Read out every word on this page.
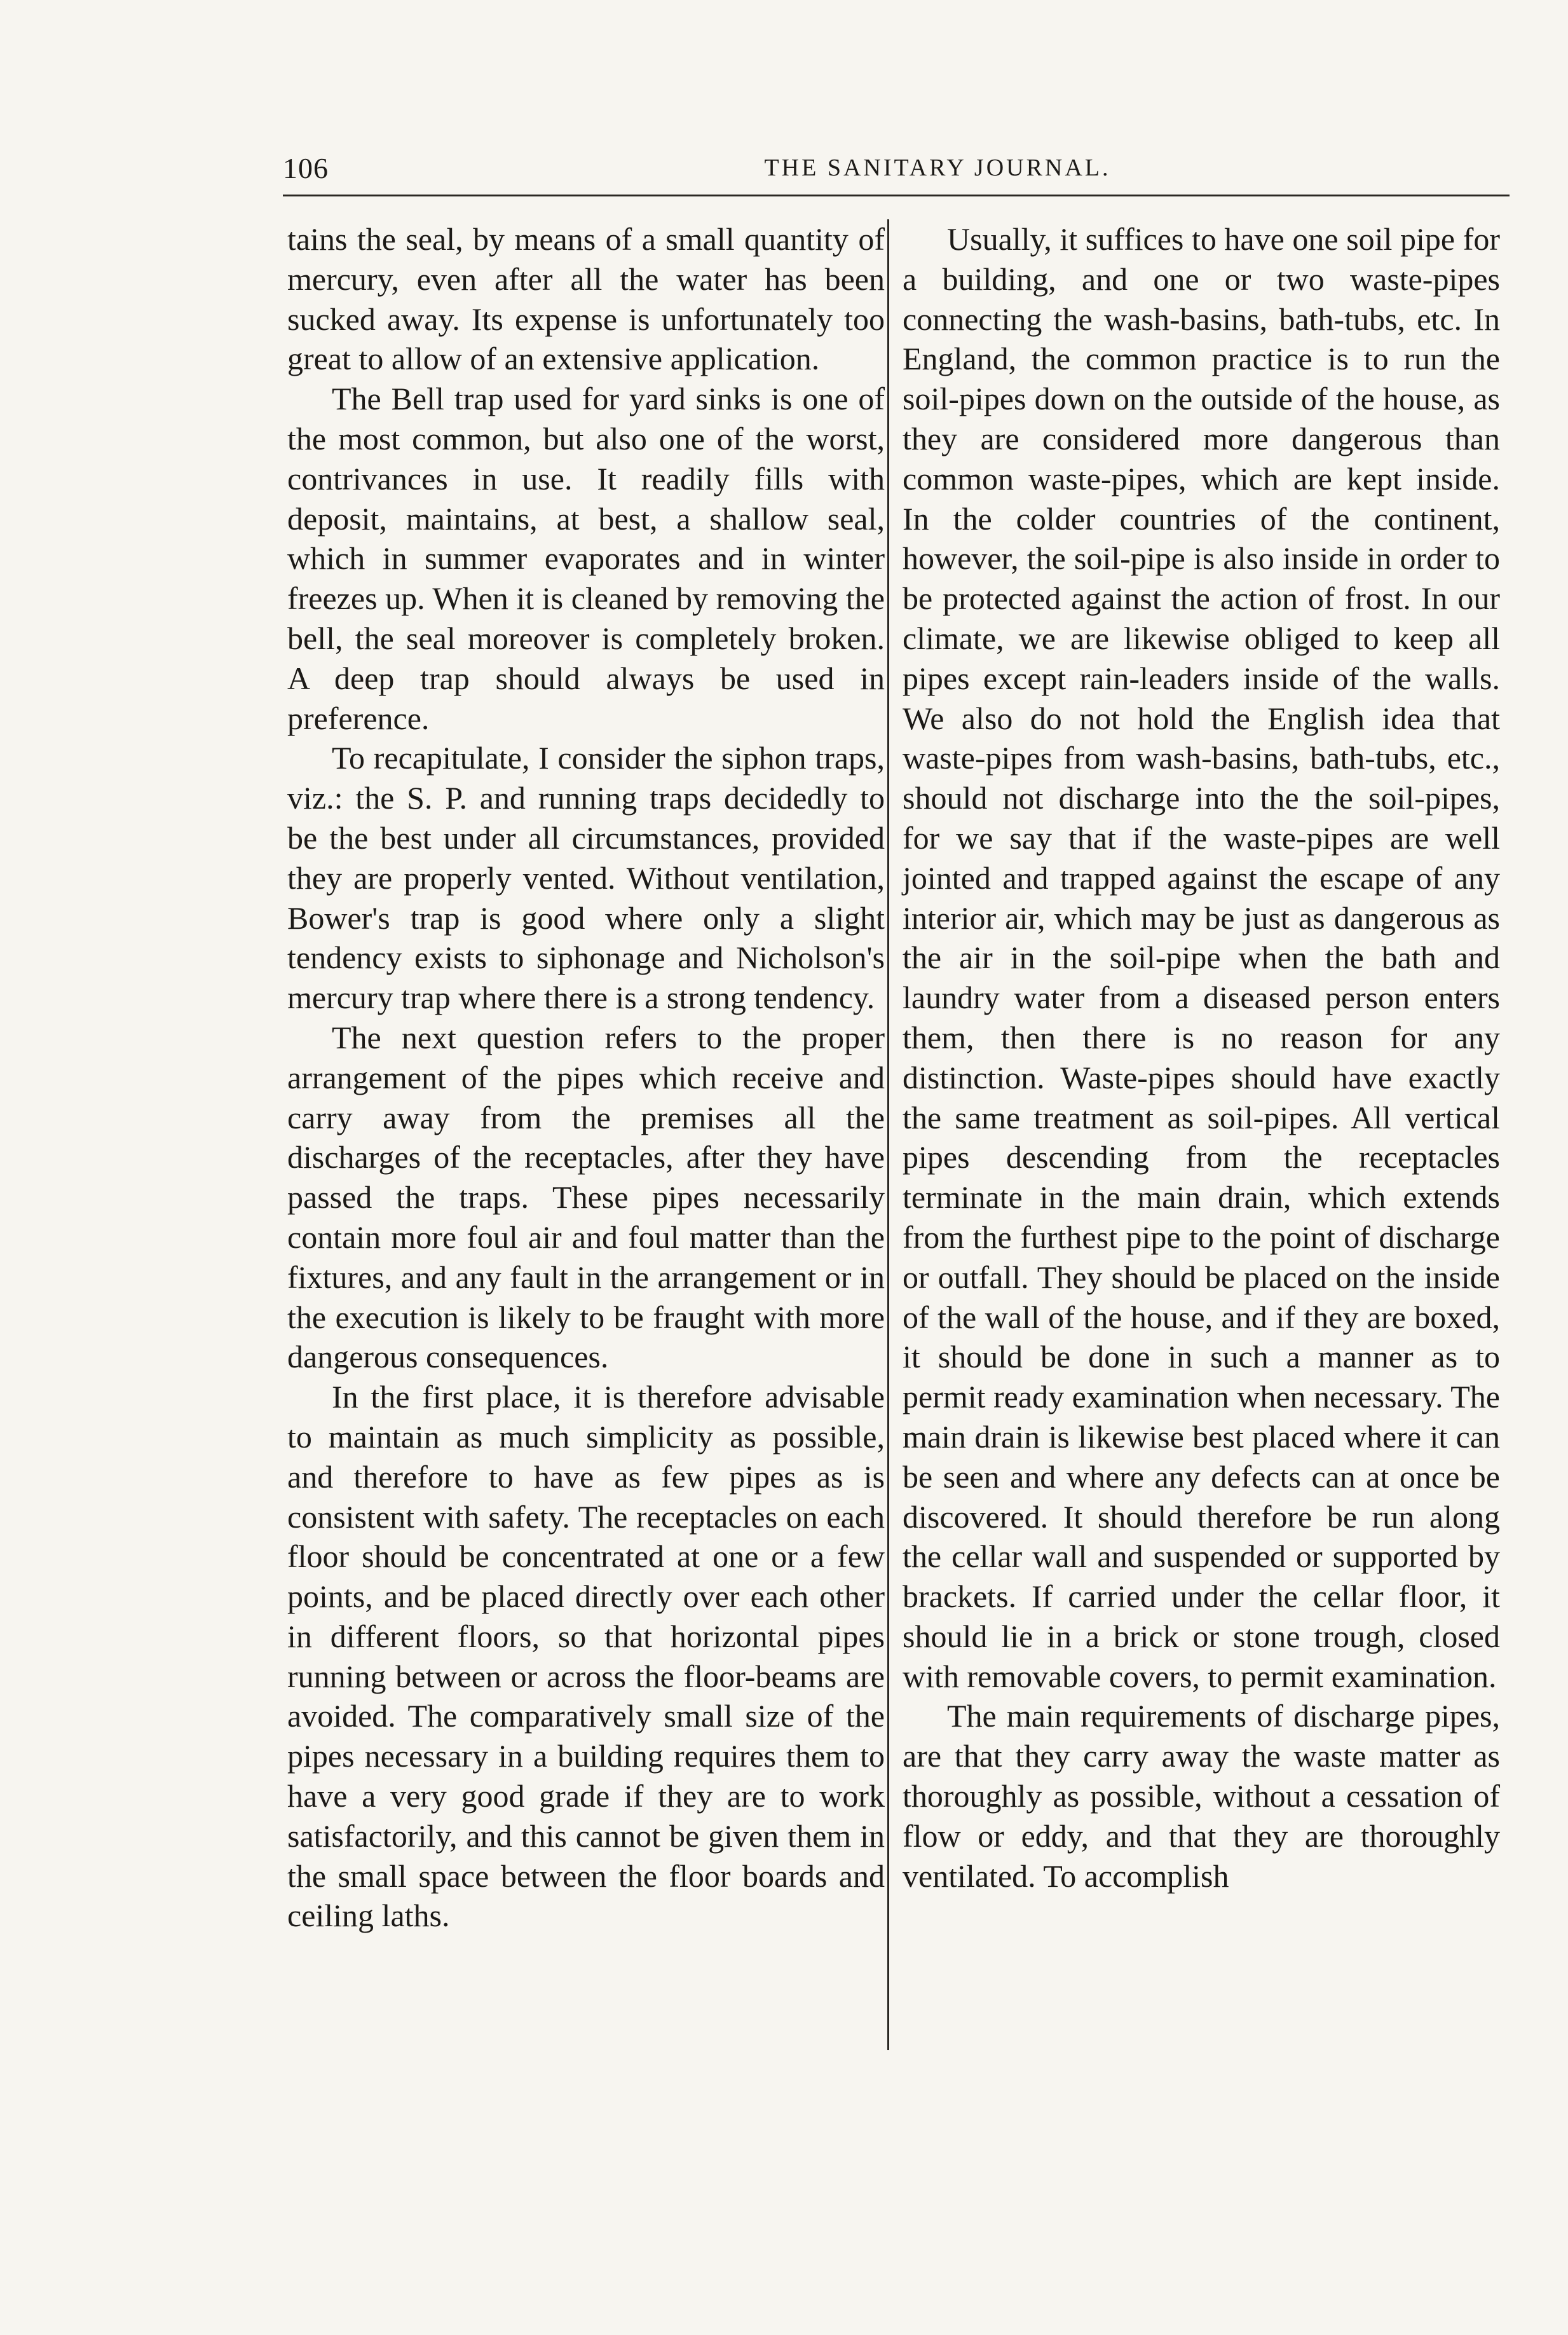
106	THE SANITARY JOURNAL.

tains the seal, by means of a small quantity of mercury, even after all the water has been sucked away. Its expense is unfortunately too great to allow of an extensive application.

The Bell trap used for yard sinks is one of the most common, but also one of the worst, contrivances in use. It readily fills with deposit, maintains, at best, a shallow seal, which in summer evaporates and in winter freezes up. When it is cleaned by removing the bell, the seal moreover is completely broken. A deep trap should always be used in preference.

To recapitulate, I consider the siphon traps, viz.: the S. P. and running traps decidedly to be the best under all circumstances, provided they are properly vented. Without ventilation, Bower's trap is good where only a slight tendency exists to siphonage and Nicholson's mercury trap where there is a strong tendency.

The next question refers to the proper arrangement of the pipes which receive and carry away from the premises all the discharges of the receptacles, after they have passed the traps. These pipes necessarily contain more foul air and foul matter than the fixtures, and any fault in the arrangement or in the execution is likely to be fraught with more dangerous consequences.

In the first place, it is therefore advisable to maintain as much simplicity as possible, and therefore to have as few pipes as is consistent with safety. The receptacles on each floor should be concentrated at one or a few points, and be placed directly over each other in different floors, so that horizontal pipes running between or across the floor-beams are avoided. The comparatively small size of the pipes necessary in a building requires them to have a very good grade if they are to work satisfactorily, and this cannot be given them in the small space between the floor boards and ceiling laths.

Usually, it suffices to have one soil pipe for a building, and one or two waste-pipes connecting the wash-basins, bath-tubs, etc. In England, the common practice is to run the soil-pipes down on the outside of the house, as they are considered more dangerous than common waste-pipes, which are kept inside. In the colder countries of the continent, however, the soil-pipe is also inside in order to be protected against the action of frost. In our climate, we are likewise obliged to keep all pipes except rain-leaders inside of the walls. We also do not hold the English idea that waste-pipes from wash-basins, bath-tubs, etc., should not discharge into the the soil-pipes, for we say that if the waste-pipes are well jointed and trapped against the escape of any interior air, which may be just as dangerous as the air in the soil-pipe when the bath and laundry water from a diseased person enters them, then there is no reason for any distinction. Waste-pipes should have exactly the same treatment as soil-pipes. All vertical pipes descending from the receptacles terminate in the main drain, which extends from the furthest pipe to the point of discharge or outfall. They should be placed on the inside of the wall of the house, and if they are boxed, it should be done in such a manner as to permit ready examination when necessary. The main drain is likewise best placed where it can be seen and where any defects can at once be discovered. It should therefore be run along the cellar wall and suspended or supported by brackets. If carried under the cellar floor, it should lie in a brick or stone trough, closed with removable covers, to permit examination.

The main requirements of discharge pipes, are that they carry away the waste matter as thoroughly as possible, without a cessation of flow or eddy, and that they are thoroughly ventilated. To accomplish
